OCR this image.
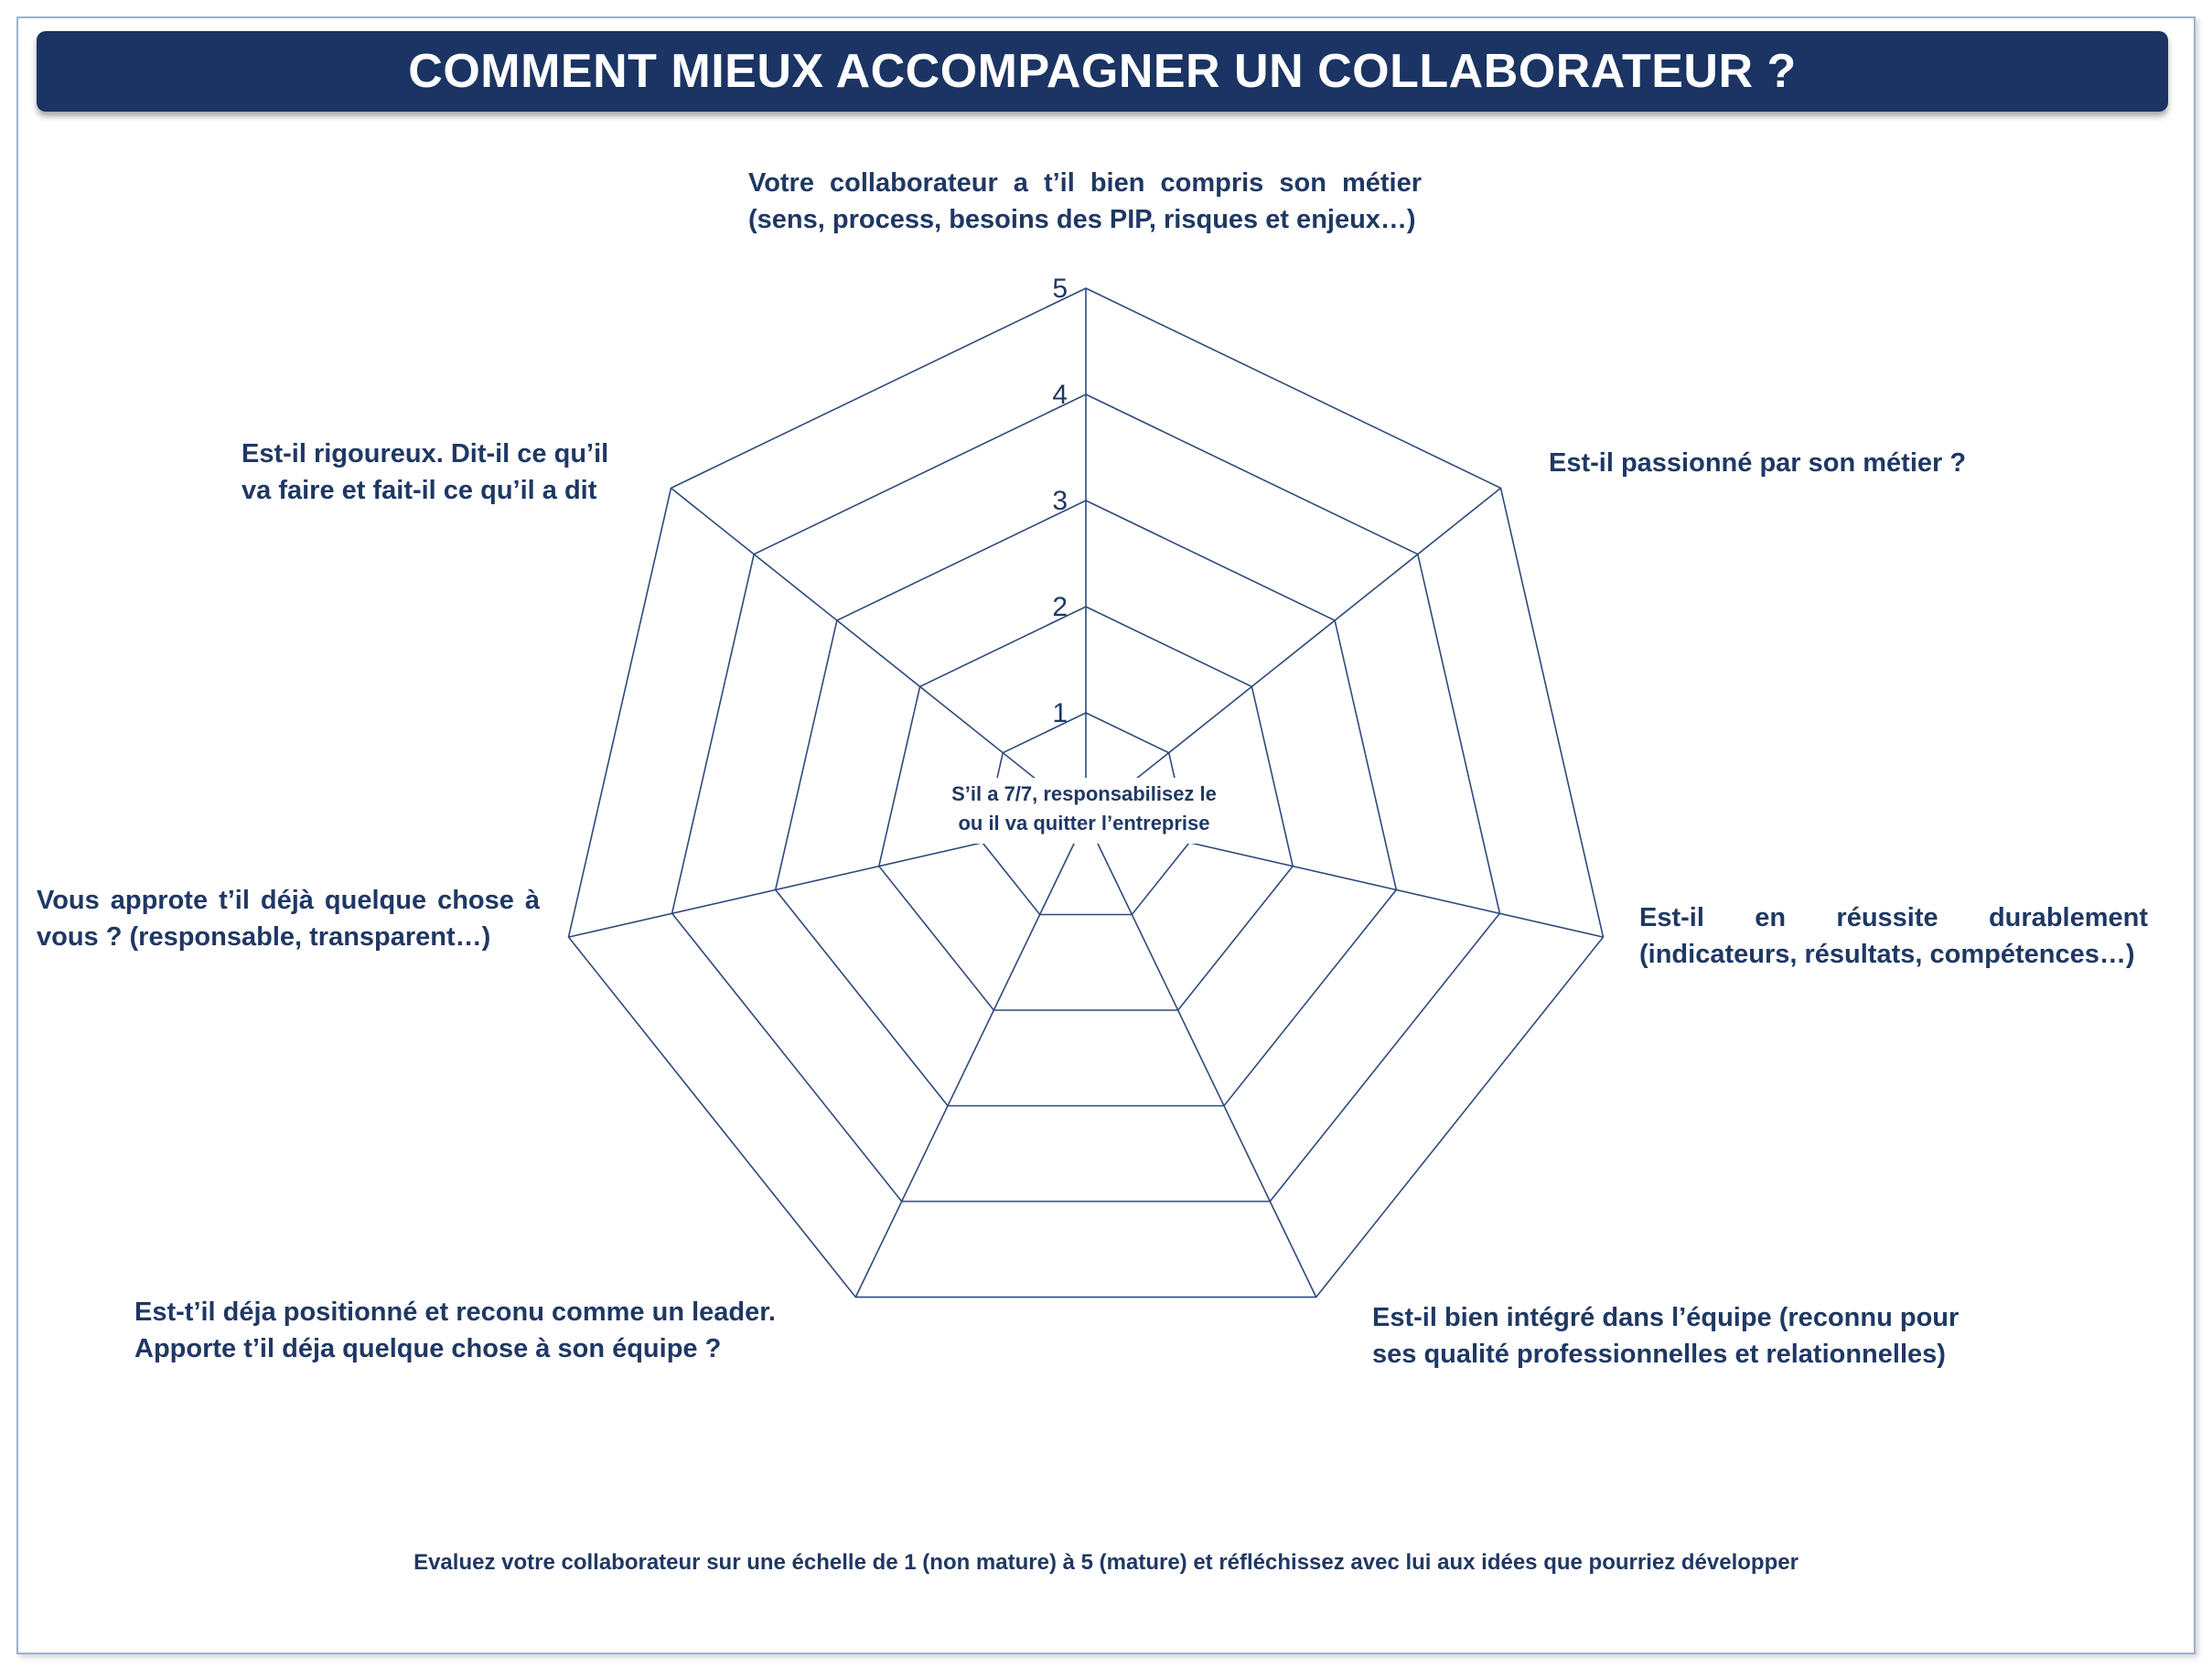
COMMENT MIEUX ACCOMPAGNER UN COLLABORATEUR ?
1
2
3
4
5
Votre collaborateur a t’il bien compris son métier
(sens, process, besoins des PIP, risques et enjeux…)
Est-il passionné par son métier ?
Est-il en réussite durablement
(indicateurs, résultats, compétences…)
Est-il bien intégré dans l’équipe (reconnu pour
ses qualité professionnelles et relationnelles)
Est-t’il déja positionné et reconu comme un leader.
Apporte t’il déja quelque chose à son équipe ?
Vous approte t’il déjà quelque chose à
vous ? (responsable, transparent…)
Est-il rigoureux. Dit-il ce qu’il
va faire et fait-il ce qu’il a dit
S’il a 7/7, responsabilisez le
ou il va quitter l’entreprise
Evaluez votre collaborateur sur une échelle de 1 (non mature) à 5 (mature) et réfléchissez avec lui aux idées que pourriez développer
